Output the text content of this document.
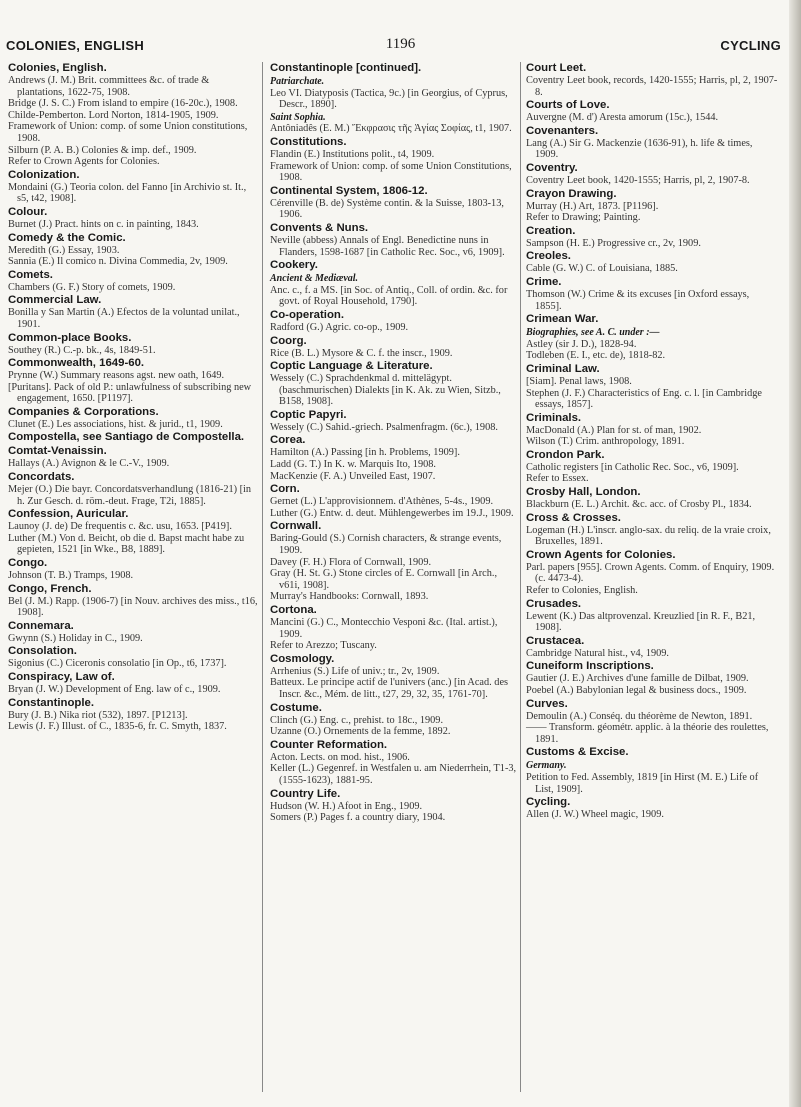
COLONIES, ENGLISH	1196	CYCLING
Colonies, English.
Andrews (J. M.) Brit. committees &c. of trade & plantations, 1622-75, 1908.
Bridge (J. S. C.) From island to empire (16-20c.), 1908.
Childe-Pemberton. Lord Norton, 1814-1905, 1909.
Framework of Union: comp. of some Union constitutions, 1908.
Silburn (P. A. B.) Colonies & imp. def., 1909.
Refer to Crown Agents for Colonies.
Colonization.
Mondaini (G.) Teoria colon. del Fanno [in Archivio st. It., s5, t42, 1908].
Colour.
Burnet (J.) Pract. hints on c. in painting, 1843.
Comedy & the Comic.
Meredith (G.) Essay, 1903.
Sannia (E.) Il comico n. Divina Commedia, 2v, 1909.
Comets.
Chambers (G. F.) Story of comets, 1909.
Commercial Law.
Bonilla y San Martin (A.) Efectos de la voluntad unilat., 1901.
Common-place Books.
Southey (R.) C.-p. bk., 4s, 1849-51.
Commonwealth, 1649-60.
Prynne (W.) Summary reasons agst. new oath, 1649.
[Puritans]. Pack of old P.: unlawfulness of subscribing new engagement, 1650. [P1197].
Companies & Corporations.
Clunet (E.) Les associations, hist. & jurid., t1, 1909.
Compostella, see Santiago de Compostella.
Comtat-Venaissin.
Hallays (A.) Avignon & le C.-V., 1909.
Concordats.
Mejer (O.) Die bayr. Concordatsverhandlung (1816-21) [in h. Zur Gesch. d. röm.-deut. Frage, T2i, 1885].
Confession, Auricular.
Launoy (J. de) De frequentis c. &c. usu, 1653. [P419].
Luther (M.) Von d. Beicht, ob die d. Bapst macht habe zu gepieten, 1521 [in Wke., B8, 1889].
Congo.
Johnson (T. B.) Tramps, 1908.
Congo, French.
Bel (J. M.) Rapp. (1906-7) [in Nouv. archives des miss., t16, 1908].
Connemara.
Gwynn (S.) Holiday in C., 1909.
Consolation.
Sigonius (C.) Ciceronis consolatio [in Op., t6, 1737].
Conspiracy, Law of.
Bryan (J. W.) Development of Eng. law of c., 1909.
Constantinople.
Bury (J. B.) Nika riot (532), 1897. [P1213].
Lewis (J. F.) Illust. of C., 1835-6, fr. C. Smyth, 1837.
Constantinople [continued].
Patriarchate.
Leo VI. Diatyposis (Tactica, 9c.) [in Georgius, of Cyprus, Descr., 1890].
Saint Sophia.
Antôniadês (E. M.) Ἔκφρασις τῆς Ἁγίας Σοφίας, t1, 1907.
Constitutions.
Flandin (E.) Institutions polit., t4, 1909.
Framework of Union: comp. of some Union Constitutions, 1908.
Continental System, 1806-12.
Cérenville (B. de) Système contin. & la Suisse, 1803-13, 1906.
Convents & Nuns.
Neville (abbess) Annals of Engl. Benedictine nuns in Flanders, 1598-1687 [in Catholic Rec. Soc., v6, 1909].
Cookery.
Ancient & Mediæval.
Anc. c., f. a MS. [in Soc. of Antiq., Coll. of ordin. &c. for govt. of Royal Household, 1790].
Co-operation.
Radford (G.) Agric. co-op., 1909.
Coorg.
Rice (B. L.) Mysore & C. f. the inscr., 1909.
Coptic Language & Literature.
Wessely (C.) Sprachdenkmal d. mittelägypt. (baschmurischen) Dialekts [in K. Ak. zu Wien, Sitzb., B158, 1908].
Coptic Papyri.
Wessely (C.) Sahid.-griech. Psalmenfragm. (6c.), 1908.
Corea.
Hamilton (A.) Passing [in h. Problems, 1909].
Ladd (G. T.) In K. w. Marquis Ito, 1908.
MacKenzie (F. A.) Unveiled East, 1907.
Corn.
Gernet (L.) L'approvisionnem. d'Athènes, 5-4s., 1909.
Luther (G.) Entw. d. deut. Mühlengewerbes im 19.J., 1909.
Cornwall.
Baring-Gould (S.) Cornish characters, & strange events, 1909.
Davey (F. H.) Flora of Cornwall, 1909.
Gray (H. St. G.) Stone circles of E. Cornwall [in Arch., v61i, 1908].
Murray's Handbooks: Cornwall, 1893.
Cortona.
Mancini (G.) C., Montecchio Vesponi &c. (Ital. artist.), 1909.
Refer to Arezzo; Tuscany.
Cosmology.
Arrhenius (S.) Life of univ.; tr., 2v, 1909.
Batteux. Le principe actif de l'univers (anc.) [in Acad. des Inscr. &c., Mém. de litt., t27, 29, 32, 35, 1761-70].
Costume.
Clinch (G.) Eng. c., prehist. to 18c., 1909.
Uzanne (O.) Ornements de la femme, 1892.
Counter Reformation.
Acton. Lects. on mod. hist., 1906.
Keller (L.) Gegenref. in Westfalen u. am Niederrhein, T1-3, (1555-1623), 1881-95.
Country Life.
Hudson (W. H.) Afoot in Eng., 1909.
Somers (P.) Pages f. a country diary, 1904.
Court Leet.
Coventry Leet book, records, 1420-1555; Harris, pl, 2, 1907-8.
Courts of Love.
Auvergne (M. d') Aresta amorum (15c.), 1544.
Covenanters.
Lang (A.) Sir G. Mackenzie (1636-91), h. life & times, 1909.
Coventry.
Coventry Leet book, 1420-1555; Harris, pl, 2, 1907-8.
Crayon Drawing.
Murray (H.) Art, 1873. [P1196].
Refer to Drawing; Painting.
Creation.
Sampson (H. E.) Progressive cr., 2v, 1909.
Creoles.
Cable (G. W.) C. of Louisiana, 1885.
Crime.
Thomson (W.) Crime & its excuses [in Oxford essays, 1855].
Crimean War.
Biographies, see A. C. under :—
Astley (sir J. D.), 1828-94.
Todleben (E. I., etc. de), 1818-82.
Criminal Law.
[Siam]. Penal laws, 1908.
Stephen (J. F.) Characteristics of Eng. c. l. [in Cambridge essays, 1857].
Criminals.
MacDonald (A.) Plan for st. of man, 1902.
Wilson (T.) Crim. anthropology, 1891.
Crondon Park.
Catholic registers [in Catholic Rec. Soc., v6, 1909].
Refer to Essex.
Crosby Hall, London.
Blackburn (E. L.) Archit. &c. acc. of Crosby Pl., 1834.
Cross & Crosses.
Logeman (H.) L'inscr. anglo-sax. du reliq. de la vraie croix, Bruxelles, 1891.
Crown Agents for Colonies.
Parl. papers [955]. Crown Agents. Comm. of Enquiry, 1909. (c. 4473-4).
Refer to Colonies, English.
Crusades.
Lewent (K.) Das altprovenzal. Kreuzlied [in R. F., B21, 1908].
Crustacea.
Cambridge Natural hist., v4, 1909.
Cuneiform Inscriptions.
Gautier (J. E.) Archives d'une famille de Dilbat, 1909.
Poebel (A.) Babylonian legal & business docs., 1909.
Curves.
Demoulin (A.) Conséq. du théorème de Newton, 1891.
—— Transform. géométr. applic. à la théorie des roulettes, 1891.
Customs & Excise.
Germany.
Petition to Fed. Assembly, 1819 [in Hirst (M. E.) Life of List, 1909].
Cycling.
Allen (J. W.) Wheel magic, 1909.
